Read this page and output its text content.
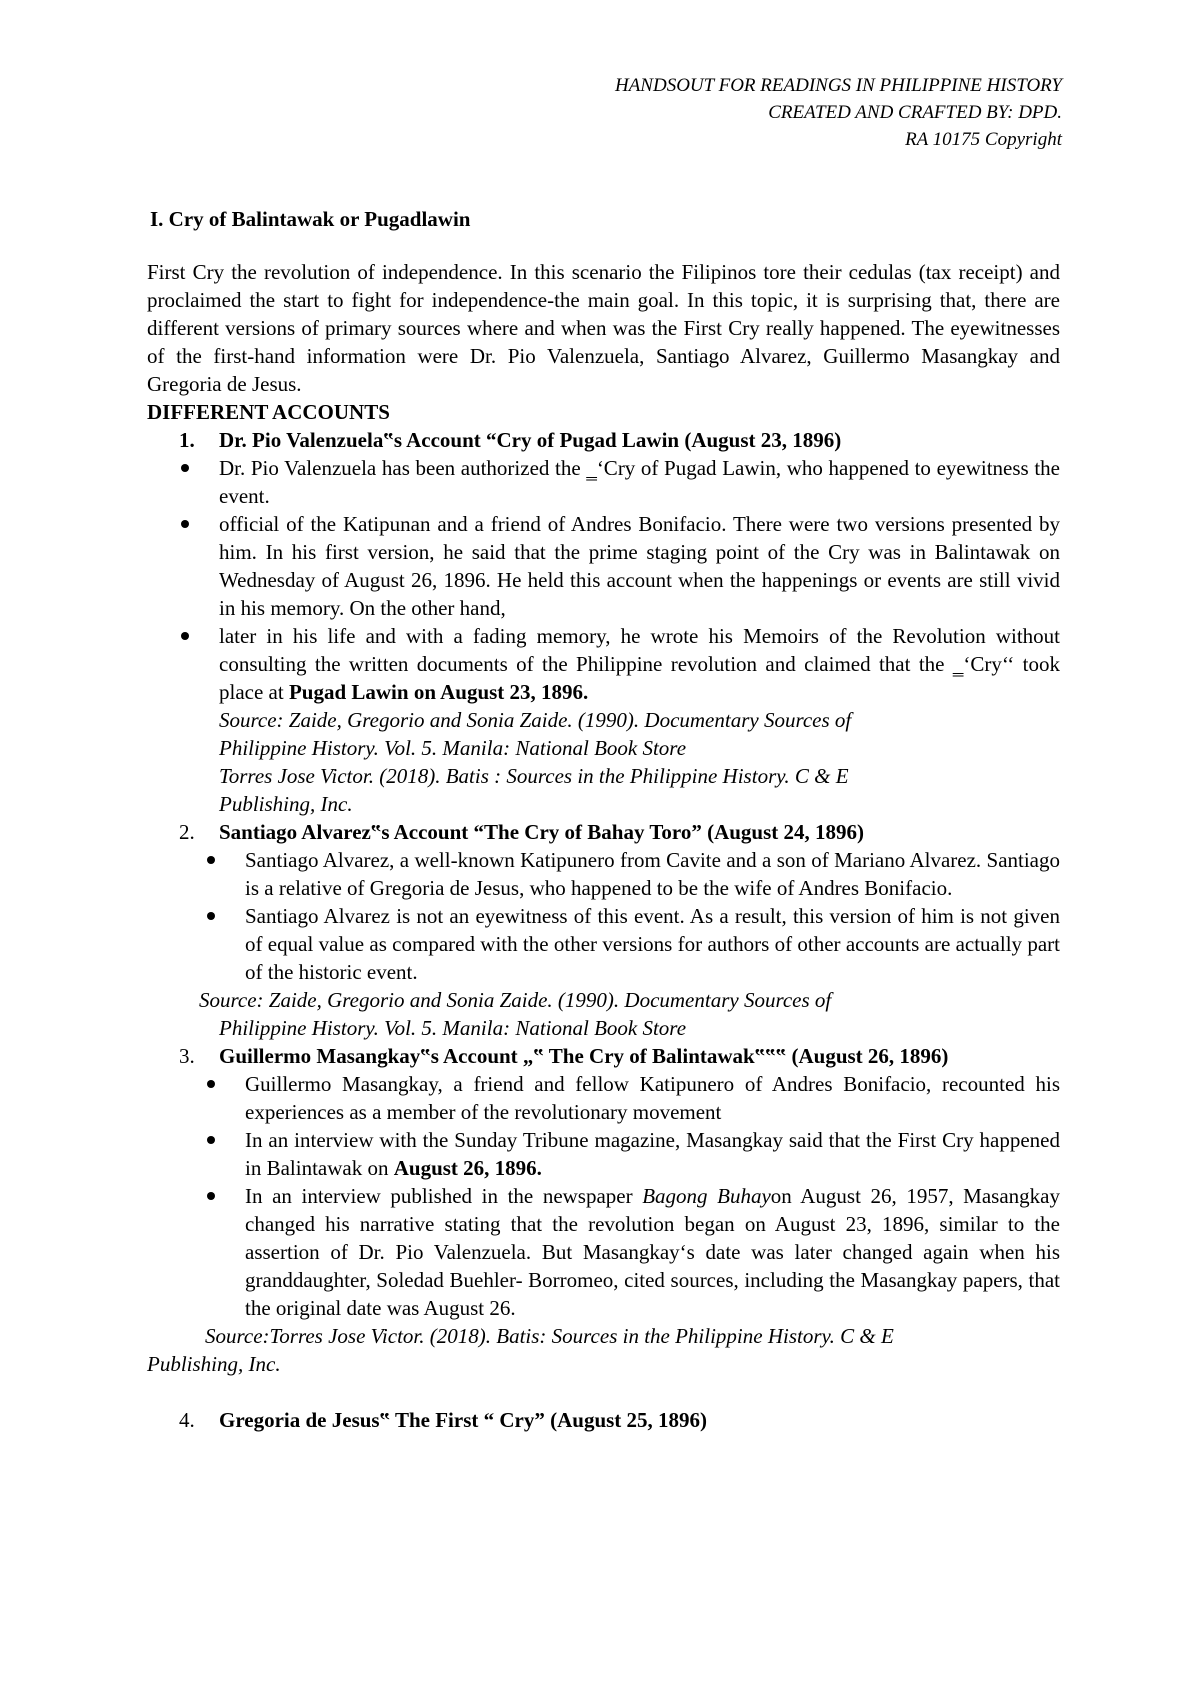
HANDSOUT FOR READINGS IN PHILIPPINE HISTORY
CREATED AND CRAFTED BY: DPD.
RA 10175 Copyright
I. Cry of Balintawak or Pugadlawin

First Cry the revolution of independence. In this scenario the Filipinos tore their cedulas (tax receipt) and proclaimed the start to fight for independence-the main goal. In this topic, it is surprising that, there are different versions of primary sources where and when was the First Cry really happened. The eyewitnesses of the first-hand information were Dr. Pio Valenzuela, Santiago Alvarez, Guillermo Masangkay and Gregoria de Jesus.

DIFFERENT ACCOUNTS
1. Dr. Pio Valenzuela‟s Account “Cry of Pugad Lawin (August 23, 1896)
Dr. Pio Valenzuela has been authorized the ‗‘Cry of Pugad Lawin, who happened to eyewitness the event.
official of the Katipunan and a friend of Andres Bonifacio. There were two versions presented by him. In his first version, he said that the prime staging point of the Cry was in Balintawak on Wednesday of August 26, 1896. He held this account when the happenings or events are still vivid in his memory. On the other hand,
later in his life and with a fading memory, he wrote his Memoirs of the Revolution without consulting the written documents of the Philippine revolution and claimed that the ‗‘Cry‘‘ took place at Pugad Lawin on August 23, 1896.
Source: Zaide, Gregorio and Sonia Zaide. (1990). Documentary Sources of
Philippine History. Vol. 5. Manila: National Book Store
Torres Jose Victor. (2018). Batis : Sources in the Philippine History. C & E
Publishing, Inc.
2. Santiago Alvarez‟s Account “The Cry of Bahay Toro” (August 24, 1896)
Santiago Alvarez, a well-known Katipunero from Cavite and a son of Mariano Alvarez. Santiago is a relative of Gregoria de Jesus, who happened to be the wife of Andres Bonifacio.
Santiago Alvarez is not an eyewitness of this event. As a result, this version of him is not given of equal value as compared with the other versions for authors of other accounts are actually part of the historic event.
Source: Zaide, Gregorio and Sonia Zaide. (1990). Documentary Sources of
Philippine History. Vol. 5. Manila: National Book Store
3. Guillermo Masangkay‟s Account „‟ The Cry of Balintawak‟‟‟ (August 26, 1896)
Guillermo Masangkay, a friend and fellow Katipunero of Andres Bonifacio, recounted his experiences as a member of the revolutionary movement
In an interview with the Sunday Tribune magazine, Masangkay said that the First Cry happened in Balintawak on August 26, 1896.
In an interview published in the newspaper Bagong Buhayon August 26, 1957, Masangkay changed his narrative stating that the revolution began on August 23, 1896, similar to the assertion of Dr. Pio Valenzuela. But Masangkay‘s date was later changed again when his granddaughter, Soledad Buehler- Borromeo, cited sources, including the Masangkay papers, that the original date was August 26.
Source:Torres Jose Victor. (2018). Batis: Sources in the Philippine History. C & E
Publishing, Inc.
4. Gregoria de Jesus‟ The First “ Cry” (August 25, 1896)
